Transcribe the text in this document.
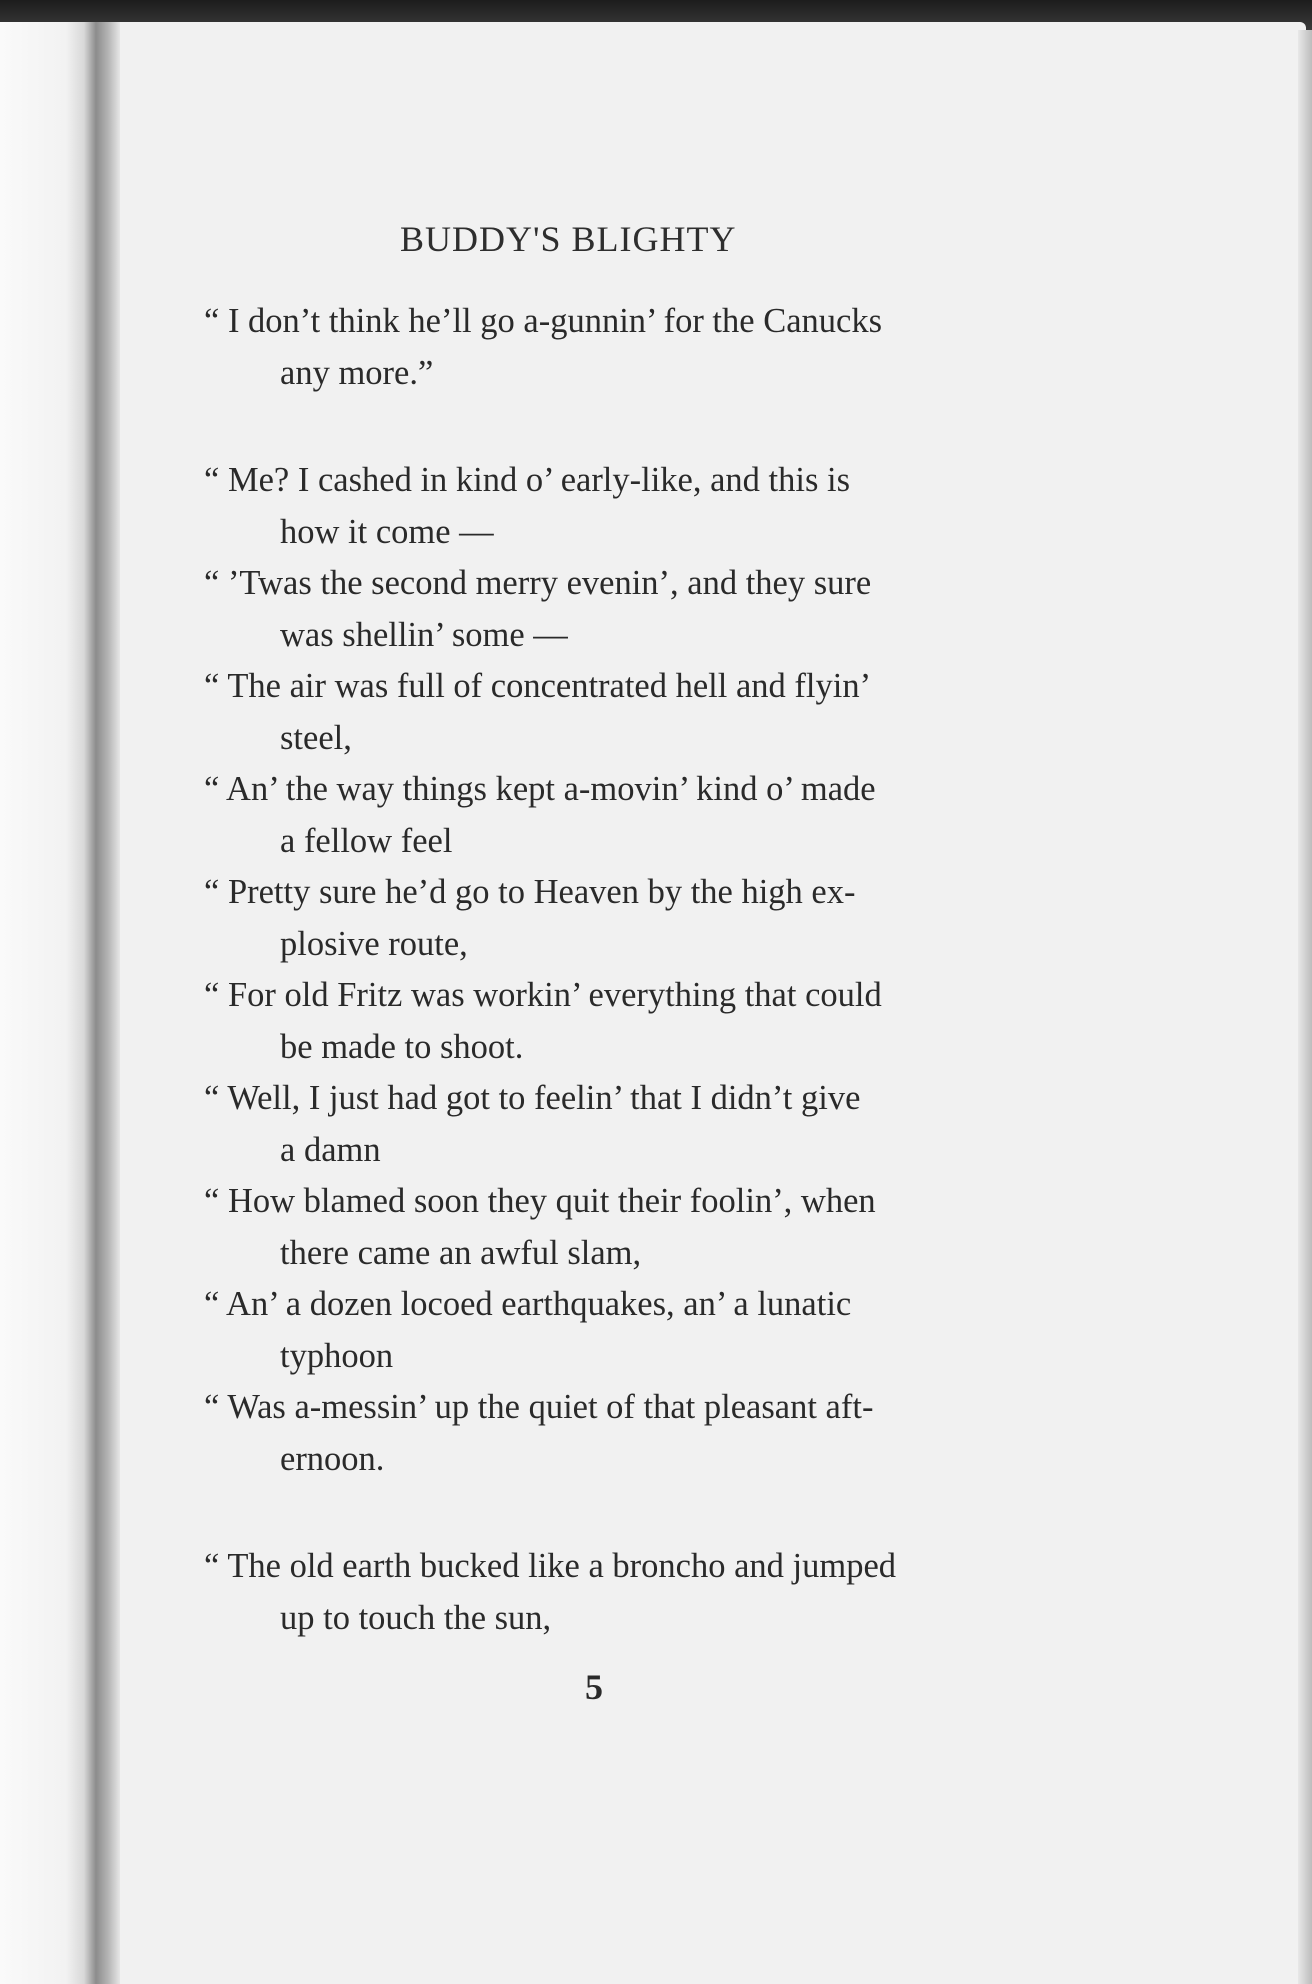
BUDDY'S BLIGHTY

“ I don’t think he’ll go a-gunnin’ for the Canucks
any more.”

“ Me? I cashed in kind o’ early-like, and this is
how it come —

“ ’Twas the second merry evenin’, and they sure
was shellin’ some —

“ The air was full of concentrated hell and flyin’
steel,

“ An’ the way things kept a-movin’ kind o’ made
a fellow feel

“ Pretty sure he’d go to Heaven by the high ex-
plosive route,

“ For old Fritz was workin’ everything that could
be made to shoot.

“ Well, I just had got to feelin’ that I didn’t give
a damn

“ How blamed soon they quit their foolin’, when
there came an awful slam,

“ An’ a dozen locoed earthquakes, an’ a lunatic
typhoon

“ Was a-messin’ up the quiet of that pleasant aft-
ernoon.

“ The old earth bucked like a broncho and jumped
up to touch the sun,

5
